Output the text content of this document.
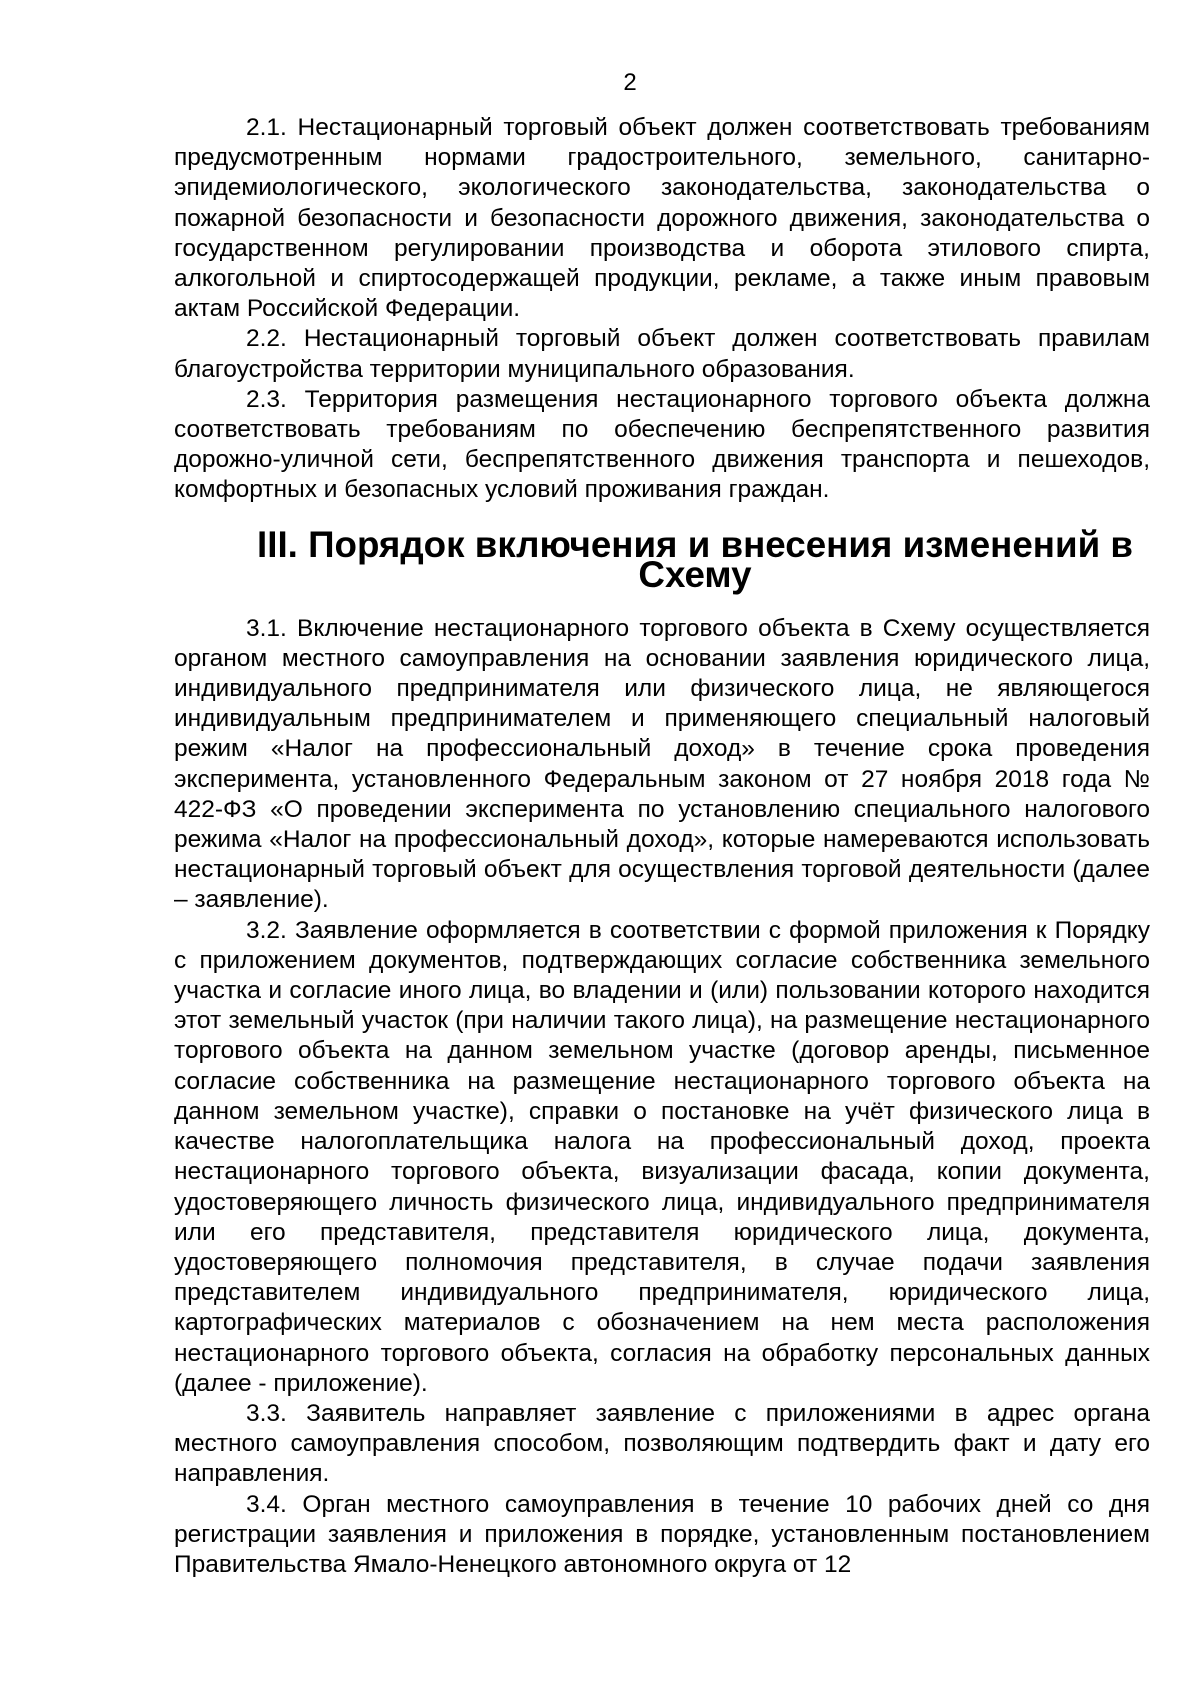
2

2.1. Нестационарный торговый объект должен соответствовать требованиям предусмотренным нормами градостроительного, земельного, санитарно-эпидемиологического, экологического законодательства, законодательства о пожарной безопасности и безопасности дорожного движения, законодательства о государственном регулировании производства и оборота этилового спирта, алкогольной и спиртосодержащей продукции, рекламе, а также иным правовым актам Российской Федерации.

2.2. Нестационарный торговый объект должен соответствовать правилам благоустройства территории муниципального образования.

2.3. Территория размещения нестационарного торгового объекта должна соответствовать требованиям по обеспечению беспрепятственного развития дорожно-уличной сети, беспрепятственного движения транспорта и пешеходов, комфортных и безопасных условий проживания граждан.

III. Порядок включения и внесения изменений в Схему

3.1. Включение нестационарного торгового объекта в Схему осуществляется органом местного самоуправления на основании заявления юридического лица, индивидуального предпринимателя или физического лица, не являющегося индивидуальным предпринимателем и применяющего специальный налоговый режим «Налог на профессиональный доход» в течение срока проведения эксперимента, установленного Федеральным законом от 27 ноября 2018 года № 422-ФЗ «О проведении эксперимента по установлению специального налогового режима «Налог на профессиональный доход», которые намереваются использовать нестационарный торговый объект для осуществления торговой деятельности (далее – заявление).

3.2. Заявление оформляется в соответствии с формой приложения к Порядку с приложением документов, подтверждающих согласие собственника земельного участка и согласие иного лица, во владении и (или) пользовании которого находится этот земельный участок (при наличии такого лица), на размещение нестационарного торгового объекта на данном земельном участке (договор аренды, письменное согласие собственника на размещение нестационарного торгового объекта на данном земельном участке), справки о постановке на учёт физического лица в качестве налогоплательщика налога на профессиональный доход, проекта нестационарного торгового объекта, визуализации фасада, копии документа, удостоверяющего личность физического лица, индивидуального предпринимателя или его представителя, представителя юридического лица, документа, удостоверяющего полномочия представителя, в случае подачи заявления представителем индивидуального предпринимателя, юридического лица, картографических материалов с обозначением на нем места расположения нестационарного торгового объекта, согласия на обработку персональных данных (далее - приложение).

3.3. Заявитель направляет заявление с приложениями в адрес органа местного самоуправления способом, позволяющим подтвердить факт и дату его направления.

3.4. Орган местного самоуправления в течение 10 рабочих дней со дня регистрации заявления и приложения в порядке, установленным постановлением Правительства Ямало-Ненецкого автономного округа от 12
